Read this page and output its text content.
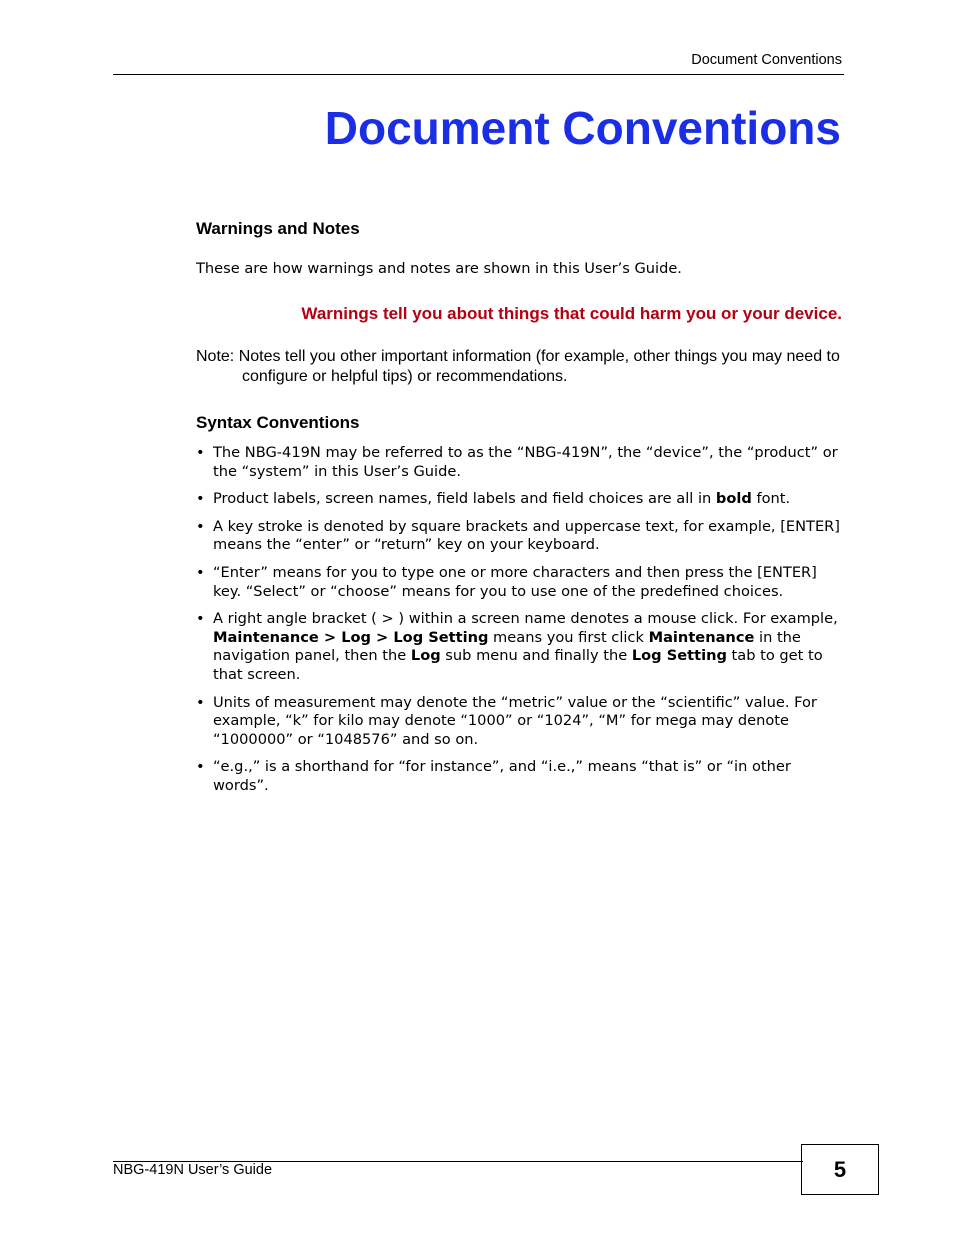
Document Conventions
Document Conventions
Warnings and Notes
These are how warnings and notes are shown in this User’s Guide.
Warnings tell you about things that could harm you or your device.
Note: Notes tell you other important information (for example, other things you may need to configure or helpful tips) or recommendations.
Syntax Conventions
• The NBG-419N may be referred to as the “NBG-419N”, the “device”, the “product” or the “system” in this User’s Guide.
• Product labels, screen names, field labels and field choices are all in bold font.
• A key stroke is denoted by square brackets and uppercase text, for example, [ENTER] means the “enter” or “return” key on your keyboard.
• “Enter” means for you to type one or more characters and then press the [ENTER] key. “Select” or “choose” means for you to use one of the predefined choices.
• A right angle bracket ( > ) within a screen name denotes a mouse click. For example, Maintenance > Log > Log Setting means you first click Maintenance in the navigation panel, then the Log sub menu and finally the Log Setting tab to get to that screen.
• Units of measurement may denote the “metric” value or the “scientific” value. For example, “k” for kilo may denote “1000” or “1024”, “M” for mega may denote “1000000” or “1048576” and so on.
• “e.g.,” is a shorthand for “for instance”, and “i.e.,” means “that is” or “in other words”.
NBG-419N User’s Guide	5
